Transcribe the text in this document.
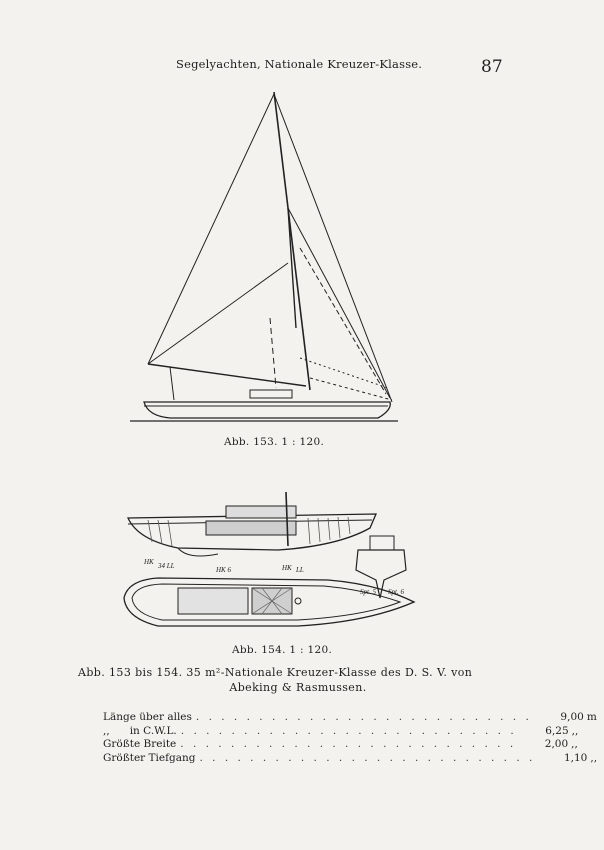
Segelyachten, Nationale Kreuzer-Klasse.	87
Abb. 153. 1 : 120.
HK 34 LL	HK 6	HK LL
Spt. 5 Spt. 6
Abb. 154. 1 : 120.
Abb. 153 bis 154. 35 m²-Nationale Kreuzer-Klasse des D. S. V. von
Abeking & Rasmussen.
Länge über alles . . . . . . . . . . . . . . . . . . . . . . . . . . .	9,00 m
,,      in C.W.L. . . . . . . . . . . . . . . . . . . . . . . . . . . .	6,25 ,,
Größte Breite . . . . . . . . . . . . . . . . . . . . . . . . . . .	2,00 ,,
Größter Tiefgang . . . . . . . . . . . . . . . . . . . . . . . . . . .	1,10 ,,
